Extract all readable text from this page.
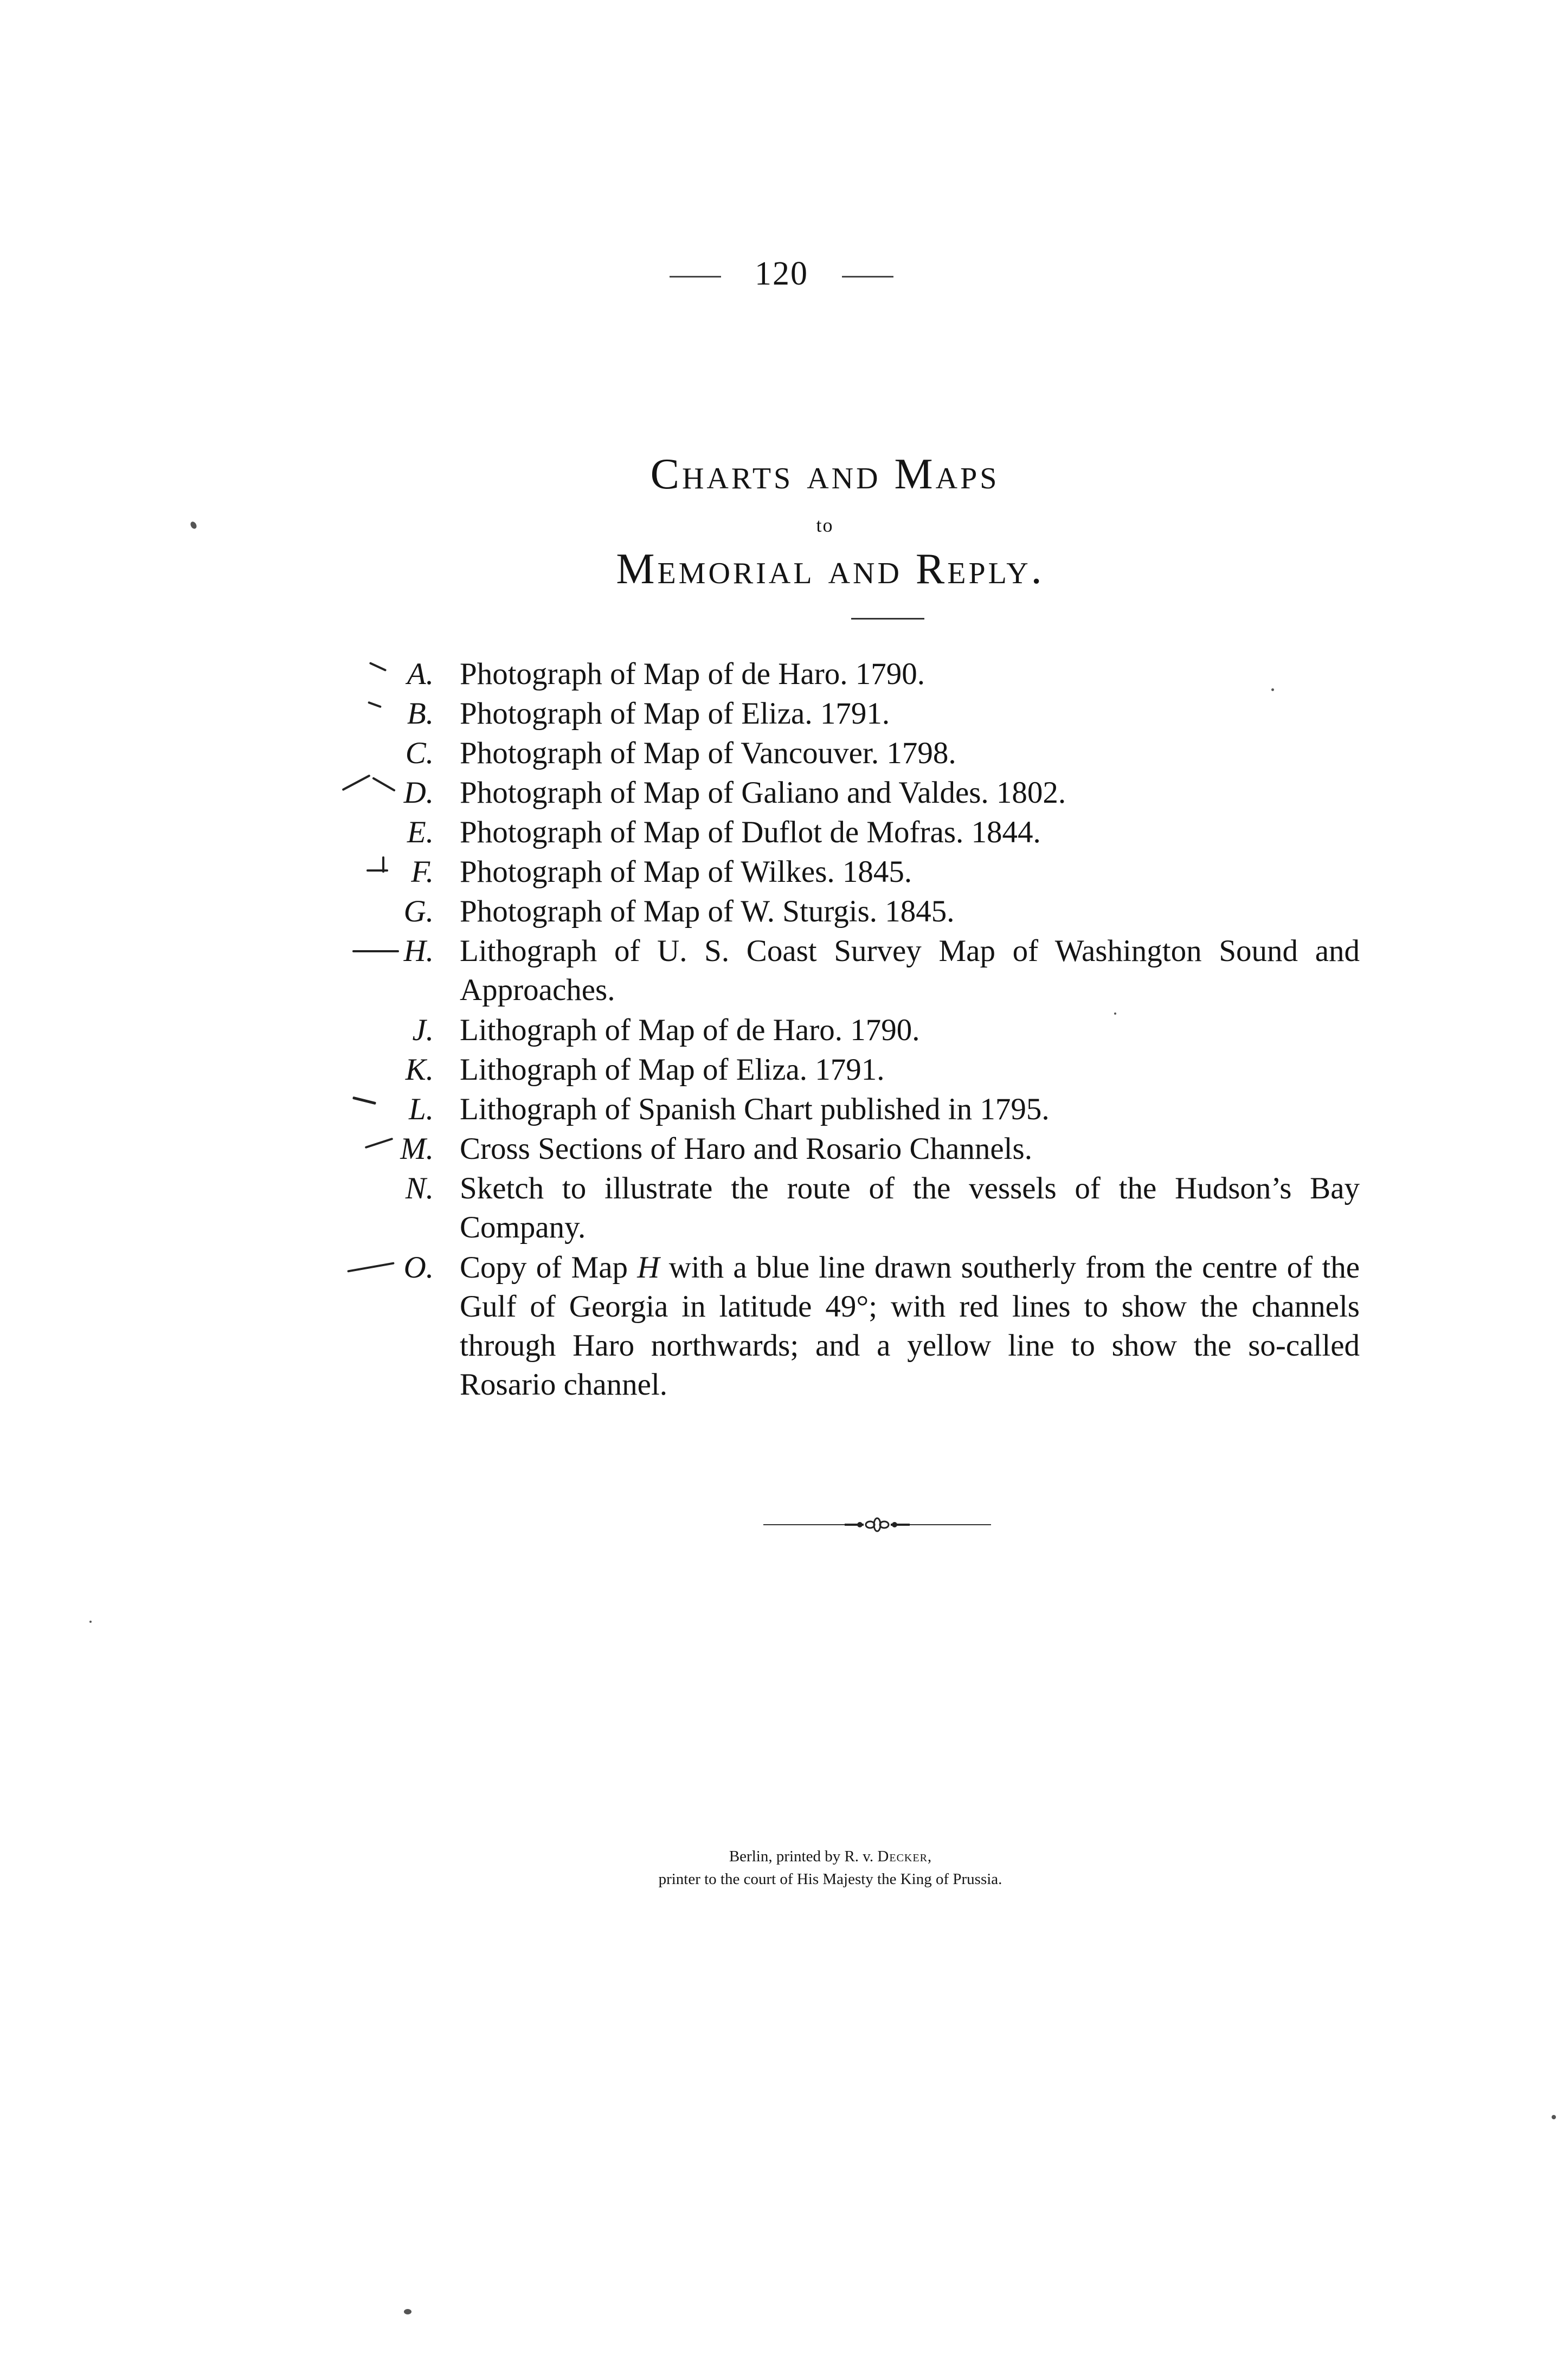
120
Charts and Maps
to
Memorial and Reply.
A. Photograph of Map of de Haro. 1790.
B. Photograph of Map of Eliza. 1791.
C. Photograph of Map of Vancouver. 1798.
D. Photograph of Map of Galiano and Valdes. 1802.
E. Photograph of Map of Duflot de Mofras. 1844.
F. Photograph of Map of Wilkes. 1845.
G. Photograph of Map of W. Sturgis. 1845.
H. Lithograph of U. S. Coast Survey Map of Washington Sound and Approaches.
J. Lithograph of Map of de Haro. 1790.
K. Lithograph of Map of Eliza. 1791.
L. Lithograph of Spanish Chart published in 1795.
M. Cross Sections of Haro and Rosario Channels.
N. Sketch to illustrate the route of the vessels of the Hudson’s Bay Company.
O. Copy of Map H with a blue line drawn southerly from the centre of the Gulf of Georgia in latitude 49°; with red lines to show the channels through Haro northwards; and a yellow line to show the so-called Rosario channel.
Berlin, printed by R. v. Decker,
printer to the court of His Majesty the King of Prussia.
